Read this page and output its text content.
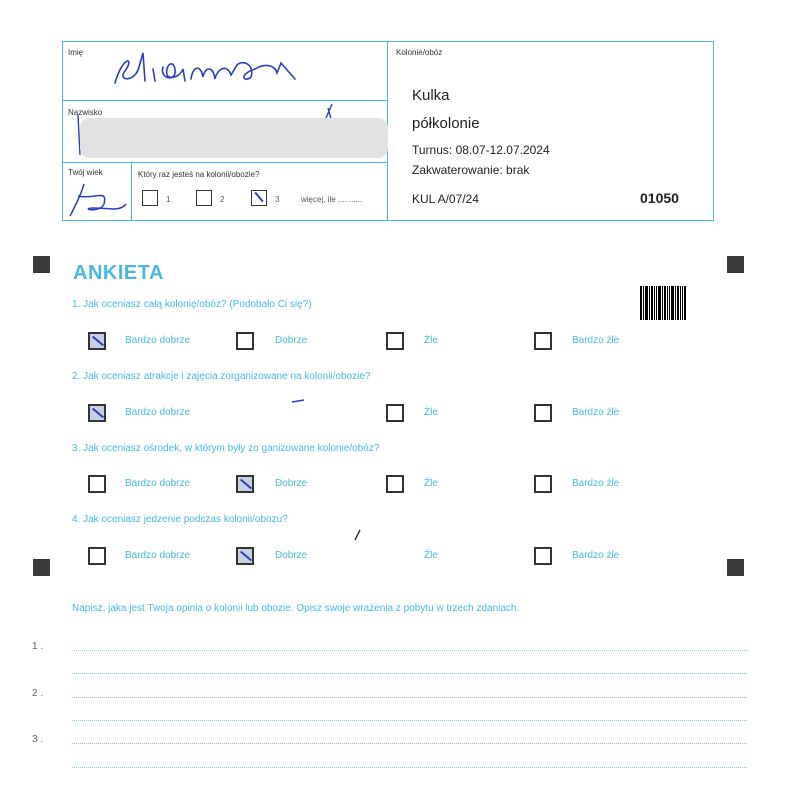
Imię
Nazwisko
Twój wiek	Który raz jesteś na kolonii/obozie?
1	2	3	więcej, ile ...........
Kolonie/obóz
Kulka
półkolonie
Turnus: 08.07-12.07.2024
Zakwaterowanie: brak
KUL A/07/24	01050
ANKIETA
1. Jak oceniasz całą kolonię/obóz? (Podobało Ci się?)
Bardzo dobrze	Dobrze	Źle	Bardzo źle
2. Jak oceniasz atrakcje i zajęcia zorganizowane na kolonii/obozie?
Bardzo dobrze	Źle	Bardzo źle
3. Jak oceniasz ośrodek, w którym były zo ganizowane kolonie/obóz?
Bardzo dobrze	Dobrze	Źle	Bardzo źle
4. Jak oceniasz jedzenie podczas kolonii/obozu?
Bardzo dobrze	Dobrze	Źle	Bardzo źle
Napisz, jaka jest Twoja opinia o kolonii lub obozie. Opisz swoje wrażenia z pobytu w trzech zdaniach.
1 .
2 .
3 .
